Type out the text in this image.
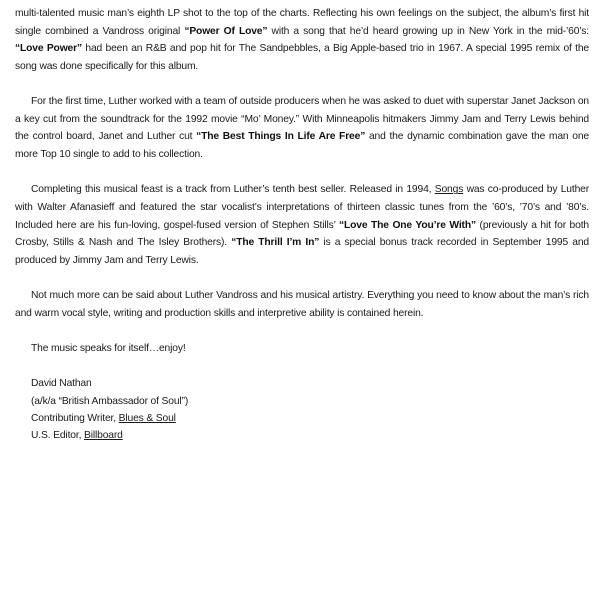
multi-talented music man’s eighth LP shot to the top of the charts. Reflecting his own feelings on the subject, the album’s first hit single combined a Vandross original “Power Of Love” with a song that he’d heard growing up in New York in the mid-’60’s: “Love Power” had been an R&B and pop hit for The Sandpebbles, a Big Apple-based trio in 1967. A special 1995 remix of the song was done specifically for this album.

For the first time, Luther worked with a team of outside producers when he was asked to duet with superstar Janet Jackson on a key cut from the soundtrack for the 1992 movie “Mo’ Money.” With Minneapolis hitmakers Jimmy Jam and Terry Lewis behind the control board, Janet and Luther cut “The Best Things In Life Are Free” and the dynamic combination gave the man one more Top 10 single to add to his collection.

Completing this musical feast is a track from Luther’s tenth best seller. Released in 1994, Songs was co-produced by Luther with Walter Afanasieff and featured the star vocalist’s interpretations of thirteen classic tunes from the ’60’s, ’70’s and ’80’s. Included here are his fun-loving, gospel-fused version of Stephen Stills’ “Love The One You’re With” (previously a hit for both Crosby, Stills & Nash and The Isley Brothers). “The Thrill I’m In” is a special bonus track recorded in September 1995 and produced by Jimmy Jam and Terry Lewis.

Not much more can be said about Luther Vandross and his musical artistry. Everything you need to know about the man’s rich and warm vocal style, writing and production skills and interpretive ability is contained herein.

The music speaks for itself…enjoy!
David Nathan
(a/k/a “British Ambassador of Soul”)
Contributing Writer, Blues & Soul
U.S. Editor, Billboard
